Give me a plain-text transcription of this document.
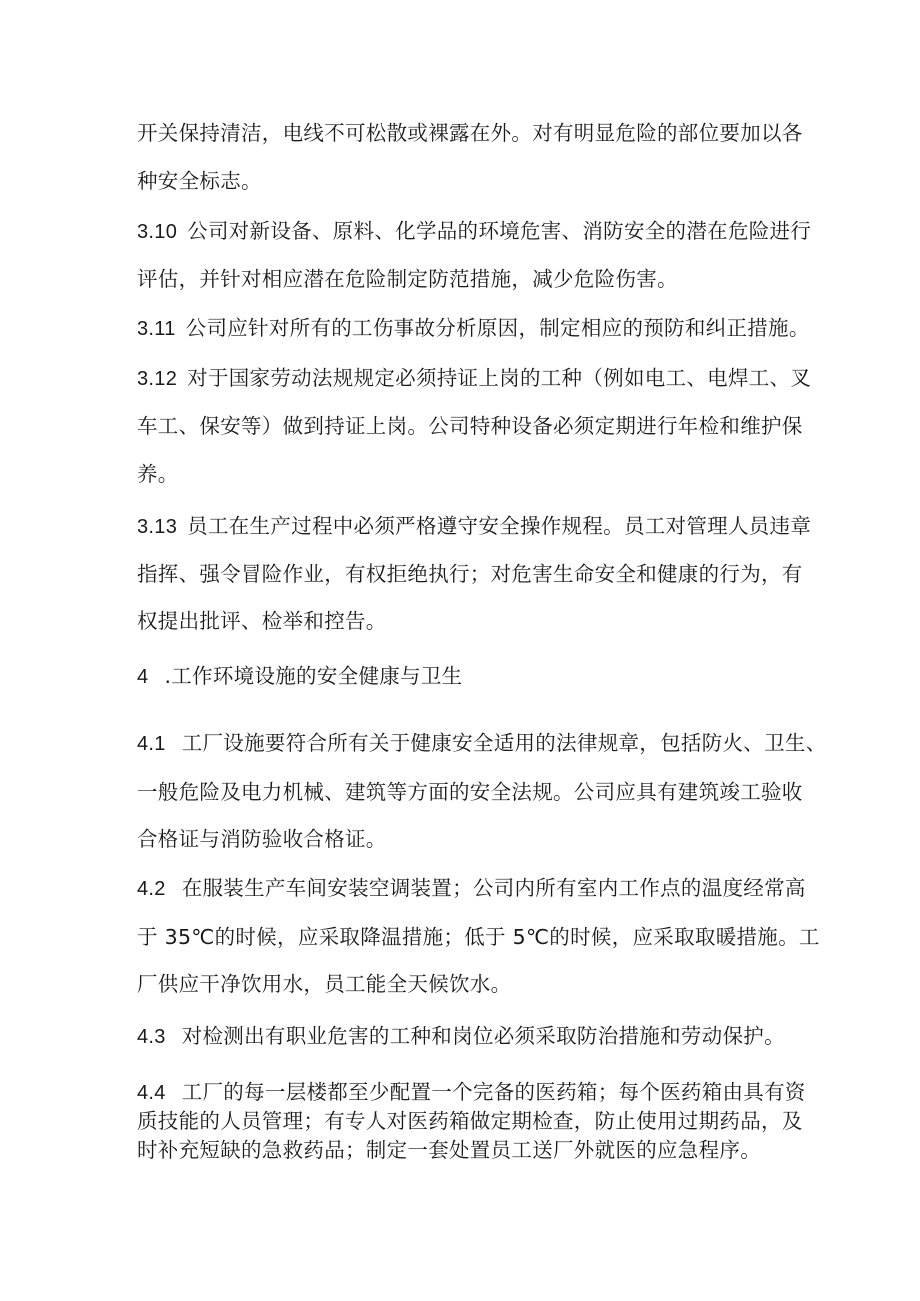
开关保持清洁，电线不可松散或裸露在外。对有明显危险的部位要加以各
种安全标志。
3.10 公司对新设备、原料、化学品的环境危害、消防安全的潜在危险进行
评估，并针对相应潜在危险制定防范措施，减少危险伤害。
3.11 公司应针对所有的工伤事故分析原因，制定相应的预防和纠正措施。
3.12 对于国家劳动法规规定必须持证上岗的工种（例如电工、电焊工、叉
车工、保安等）做到持证上岗。公司特种设备必须定期进行年检和维护保
养。
3.13 员工在生产过程中必须严格遵守安全操作规程。员工对管理人员违章
指挥、强令冒险作业，有权拒绝执行；对危害生命安全和健康的行为，有
权提出批评、检举和控告。
4 .工作环境设施的安全健康与卫生
4.1 工厂设施要符合所有关于健康安全适用的法律规章，包括防火、卫生、
一般危险及电力机械、建筑等方面的安全法规。公司应具有建筑竣工验收
合格证与消防验收合格证。
4.2 在服装生产车间安装空调装置；公司内所有室内工作点的温度经常高
于 35℃的时候，应采取降温措施；低于 5℃的时候，应采取取暖措施。工
厂供应干净饮用水，员工能全天候饮水。
4.3 对检测出有职业危害的工种和岗位必须采取防治措施和劳动保护。
4.4 工厂的每一层楼都至少配置一个完备的医药箱；每个医药箱由具有资
质技能的人员管理；有专人对医药箱做定期检查，防止使用过期药品，及
时补充短缺的急救药品；制定一套处置员工送厂外就医的应急程序。
